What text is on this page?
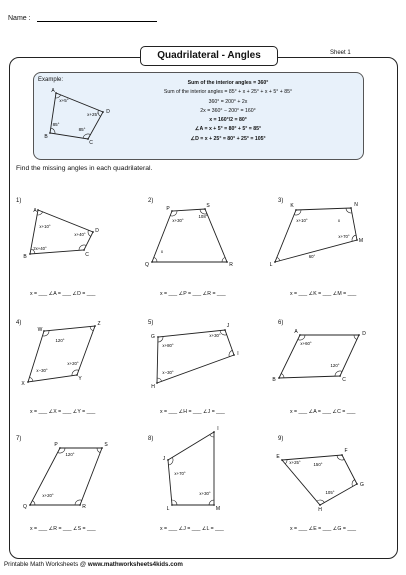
Name :
Quadrilateral - Angles	Sheet 1
Example:	Sum of the interior angles = 360°
Sum of the interior angles = 85° + x + 25° + x + 5° + 85°
360° = 200° + 2x
2x = 360° − 200° = 160°
x = 160°/2 = 80°
∠A = x + 5° = 80° + 5° = 85°
∠D = x + 25° = 80° + 25° = 105°
Find the missing angles in each quadrilateral.
A
B
C
D
x+5°
85°
85°
x+25°
A
B	C
D
x+10°
x+40°
2x+40°
P
Q	R
S
x+30°
108°
x
K
L
M
N
x+10°	x
x+70°
60°
W
X
Y
Z
120°
x−30°
x+20°
G
H
I
J
x+80°
x+30°
x−30°
A
B	C
D
x+60°
120°
P
Q	R
S
120°
x+20°
I
J
L	M
x+70°
x+30°
E
F
G
H
x+25°	150°
105°
1)
x = ___ ∠A = ___ ∠D = ___
2)
x = ___ ∠P = ___ ∠R = ___
3)
x = ___ ∠K = ___ ∠M = ___
4)
x = ___ ∠X = ___ ∠Y = ___
5)
x = ___ ∠H = ___ ∠J = ___
6)
x = ___ ∠A = ___ ∠C = ___
7)
x = ___ ∠R = ___ ∠S = ___
8)
x = ___ ∠J = ___ ∠L = ___
9)
x = ___ ∠E = ___ ∠G = ___
Printable Math Worksheets @ www.mathworksheets4kids.com
